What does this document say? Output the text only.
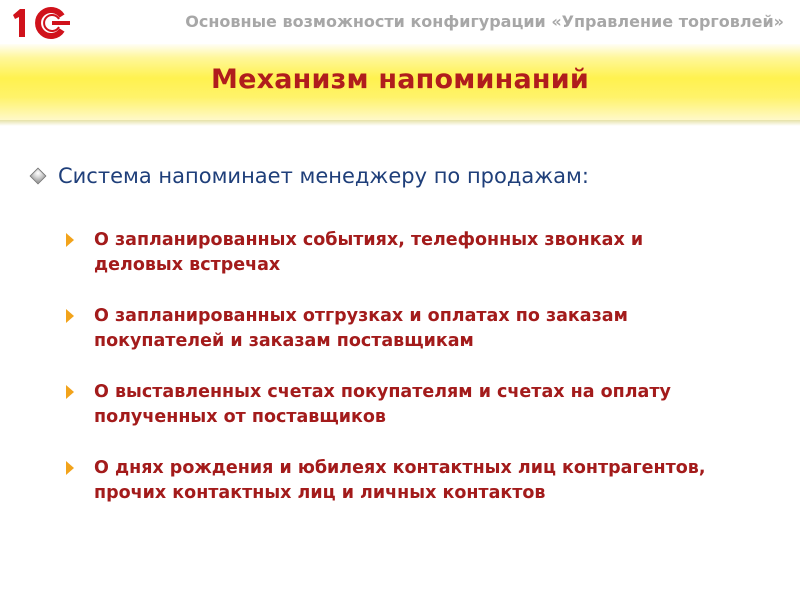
Основные возможности конфигурации «Управление торговлей»
Механизм напоминаний
Система напоминает менеджеру по продажам:
О запланированных событиях, телефонных звонках и
деловых встречах
О запланированных отгрузках и оплатах по заказам
покупателей и заказам поставщикам
О выставленных счетах покупателям и счетах на оплату
полученных от поставщиков
О днях рождения и юбилеях контактных лиц контрагентов,
прочих контактных лиц и личных контактов
